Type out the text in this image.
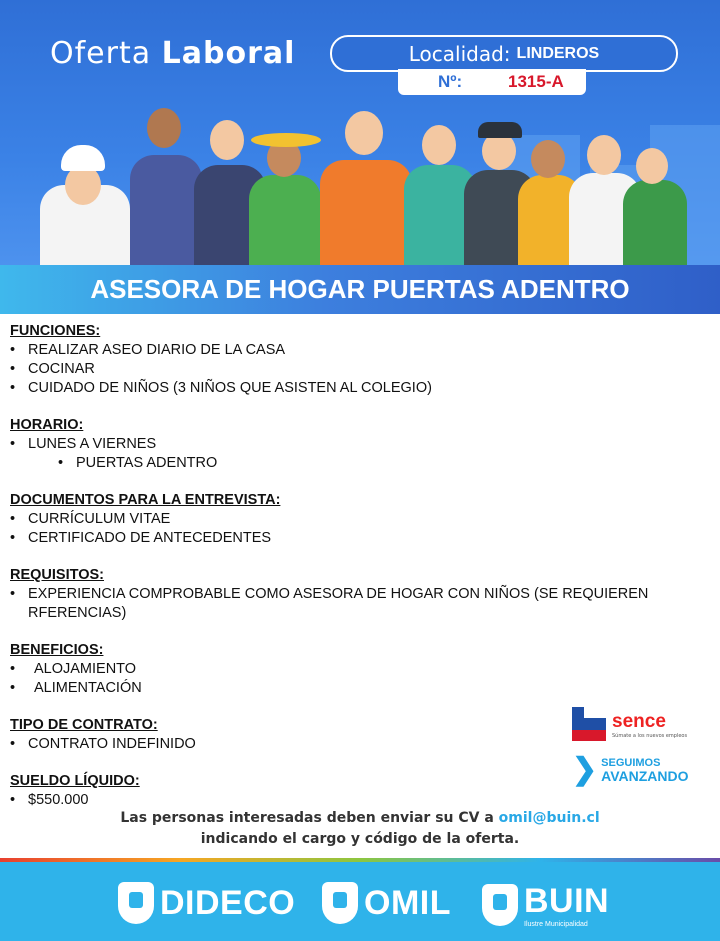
Oferta Laboral	Localidad: LINDEROS
Nº:	1315-A
ASESORA DE HOGAR PUERTAS ADENTRO
FUNCIONES:
• REALIZAR ASEO DIARIO DE LA CASA
• COCINAR
• CUIDADO DE NIÑOS (3 NIÑOS QUE ASISTEN AL COLEGIO)
HORARIO:
• LUNES A VIERNES
• PUERTAS ADENTRO
DOCUMENTOS PARA LA ENTREVISTA:
• CURRÍCULUM VITAE
• CERTIFICADO DE ANTECEDENTES
REQUISITOS:
• EXPERIENCIA COMPROBABLE COMO ASESORA DE HOGAR CON NIÑOS (SE REQUIEREN RFERENCIAS)
BENEFICIOS:
• ALOJAMIENTO
• ALIMENTACIÓN
TIPO DE CONTRATO:
• CONTRATO INDEFINIDO
SUELDO LÍQUIDO:
• $550.000
sence
Súmate a los nuevos empleos
❯ SEGUIMOS
AVANZANDO
Las personas interesadas deben enviar su CV a omil@buin.cl
indicando el cargo y código de la oferta.
DIDECO OMIL BUIN
Ilustre Municipalidad
